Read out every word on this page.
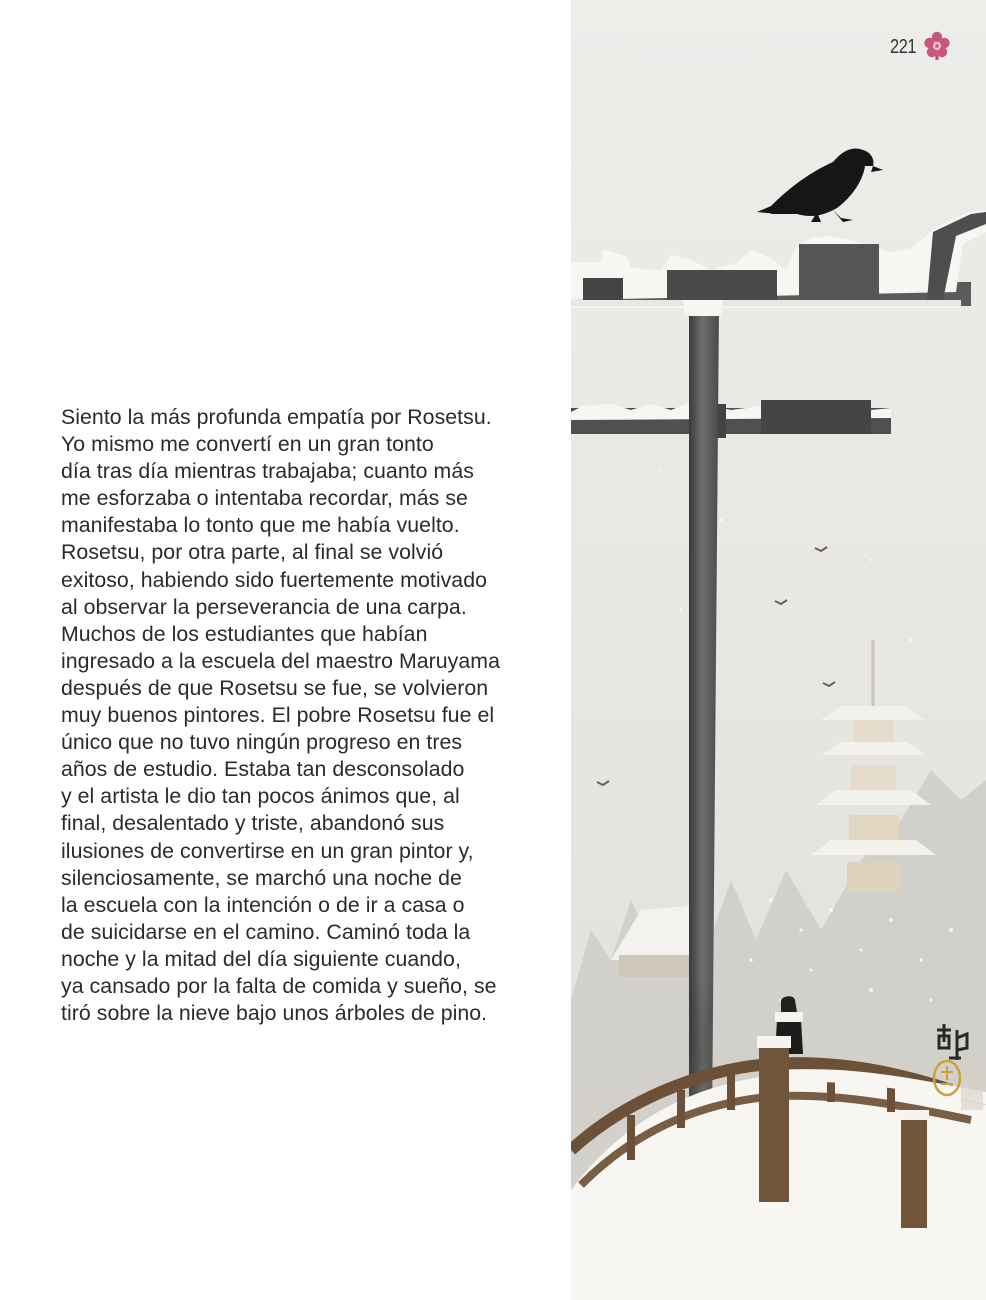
Siento la más profunda empatía por Rosetsu.
Yo mismo me convertí en un gran tonto
día tras día mientras trabajaba; cuanto más
me esforzaba o intentaba recordar, más se
manifestaba lo tonto que me había vuelto.
Rosetsu, por otra parte, al final se volvió
exitoso, habiendo sido fuertemente motivado
al observar la perseverancia de una carpa.
Muchos de los estudiantes que habían
ingresado a la escuela del maestro Maruyama
después de que Rosetsu se fue, se volvieron
muy buenos pintores. El pobre Rosetsu fue el
único que no tuvo ningún progreso en tres
años de estudio. Estaba tan desconsolado
y el artista le dio tan pocos ánimos que, al
final, desalentado y triste, abandonó sus
ilusiones de convertirse en un gran pintor y,
silenciosamente, se marchó una noche de
la escuela con la intención o de ir a casa o
de suicidarse en el camino. Caminó toda la
noche y la mitad del día siguiente cuando,
ya cansado por la falta de comida y sueño, se
tiró sobre la nieve bajo unos árboles de pino.
221
